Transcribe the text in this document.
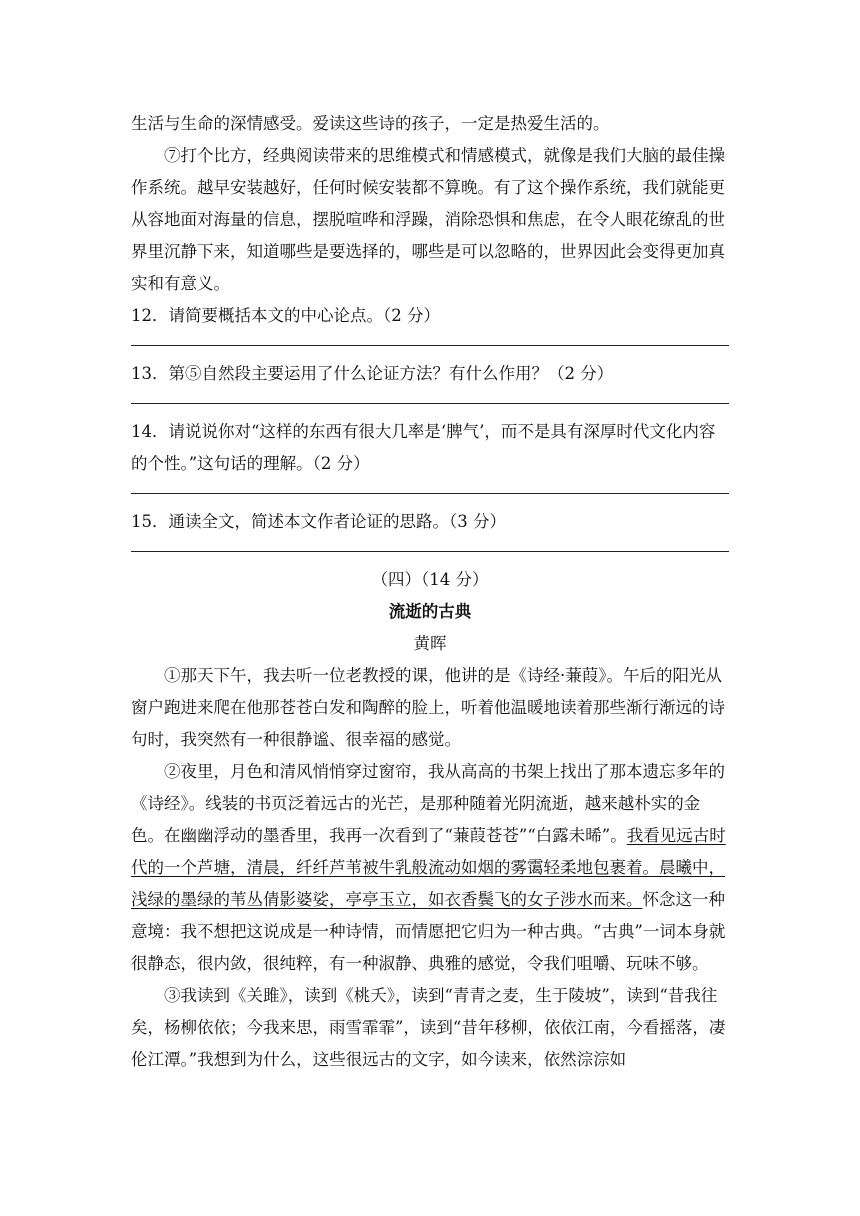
生活与生命的深情感受。爱读这些诗的孩子，一定是热爱生活的。

⑦打个比方，经典阅读带来的思维模式和情感模式，就像是我们大脑的最佳操作系统。越早安装越好，任何时候安装都不算晚。有了这个操作系统，我们就能更从容地面对海量的信息，摆脱喧哗和浮躁，消除恐惧和焦虑，在令人眼花缭乱的世界里沉静下来，知道哪些是要选择的，哪些是可以忽略的，世界因此会变得更加真实和有意义。

12．请简要概括本文的中心论点。（2 分）

13．第⑤自然段主要运用了什么论证方法？有什么作用？（2 分）

14．请说说你对“这样的东西有很大几率是‘脾气’，而不是具有深厚时代文化内容的个性。”这句话的理解。（2 分）

15．通读全文，简述本文作者论证的思路。（3 分）

（四）（14 分）

流逝的古典

黄晖

①那天下午，我去听一位老教授的课，他讲的是《诗经·蒹葭》。午后的阳光从窗户跑进来爬在他那苍苍白发和陶醉的脸上，听着他温暖地读着那些渐行渐远的诗句时，我突然有一种很静谧、很幸福的感觉。

②夜里，月色和清风悄悄穿过窗帘，我从高高的书架上找出了那本遗忘多年的《诗经》。线装的书页泛着远古的光芒，是那种随着光阴流逝，越来越朴实的金色。在幽幽浮动的墨香里，我再一次看到了“蒹葭苍苍”“白露未晞”。我看见远古时代的一个芦塘，清晨，纤纤芦苇被牛乳般流动如烟的雾霭轻柔地包裹着。晨曦中，浅绿的墨绿的苇丛倩影婆娑，亭亭玉立，如衣香鬓飞的女子涉水而来。怀念这一种意境：我不想把这说成是一种诗情，而情愿把它归为一种古典。“古典”一词本身就很静态，很内敛，很纯粹，有一种淑静、典雅的感觉，令我们咀嚼、玩味不够。

③我读到《关雎》，读到《桃夭》，读到“青青之麦，生于陵坡”，读到“昔我往矣，杨柳依依；今我来思，雨雪霏霏”，读到“昔年移柳，依依江南，今看摇落，凄伦江潭。”我想到为什么，这些很远古的文字，如今读来，依然淙淙如
